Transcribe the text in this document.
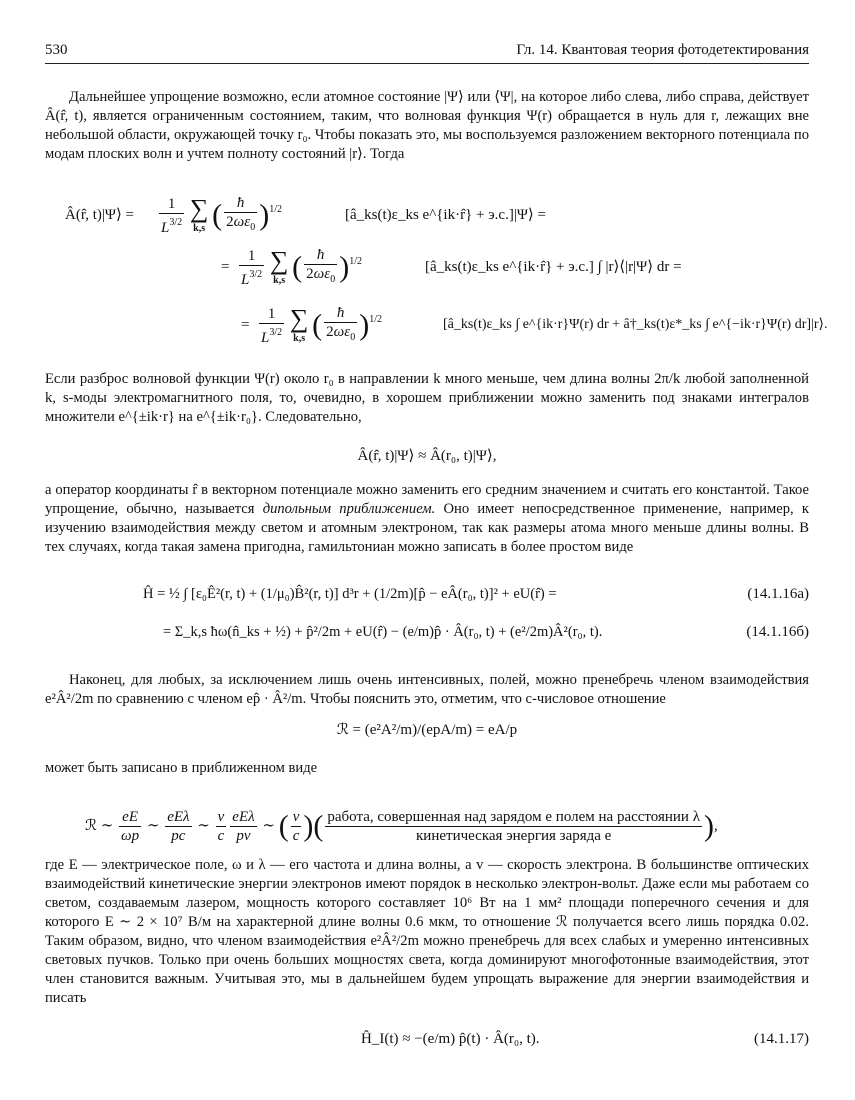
530	Гл. 14. Квантовая теория фотодетектирования

Дальнейшее упрощение возможно, если атомное состояние |Ψ⟩ или ⟨Ψ|, на которое либо слева, либо справа, действует Â(r̂, t), является ограниченным состоянием, таким, что волновая функция Ψ(r) обращается в нуль для r, лежащих вне небольшой области, окружающей точку r₀. Чтобы показать это, мы воспользуемся разложением векторного потенциала по модам плоских волн и учтем полноту состояний |r⟩. Тогда

Â(r̂, t)|Ψ⟩ = $\frac{1}{L^{3/2}}$
∑
k,s ( $\frac{ħ}{2\omega\varepsilon_0} )^{1/2}$	[â_ks(t)ε_ks e^{ik·r̂} + э.с.]|Ψ⟩ =
= $\frac{1}{L^{3/2}}$
∑
k,s ( $\frac{ħ}{2\omega\varepsilon_0} )^{1/2}$	[â_ks(t)ε_ks e^{ik·r̂} + э.с.] ∫ |r⟩⟨|r|Ψ⟩ dr =
= $\frac{1}{L^{3/2}}$
∑
k,s ( $\frac{ħ}{2\omega\varepsilon_0} )^{1/2}$	[â_ks(t)ε_ks ∫ e^{ik·r}Ψ(r) dr + â†_ks(t)ε*_ks ∫ e^{−ik·r}Ψ(r) dr]|r⟩.

Если разброс волновой функции Ψ(r) около r₀ в направлении k много меньше, чем длина волны 2π/k любой заполненной k, s-моды электромагнитного поля, то, очевидно, в хорошем приближении можно заменить под знаками интегралов множители e^{±ik·r} на e^{±ik·r₀}. Следовательно,

Â(r̂, t)|Ψ⟩ ≈ Â(r₀, t)|Ψ⟩,

а оператор координаты r̂ в векторном потенциале можно заменить его средним значением и считать его константой. Такое упрощение, обычно, называется дипольным приближением. Оно имеет непосредственное применение, например, к изучению взаимодействия между светом и атомным электроном, так как размеры атома много меньше длины волны. В тех случаях, когда такая замена пригодна, гамильтониан можно записать в более простом виде

Ĥ = ½ ∫ [ε₀Ê²(r, t) + (1/μ₀)B̂²(r, t)] d³r + (1/2m)[p̂ − eÂ(r₀, t)]² + eU(r̂) =	(14.1.16а)
= Σ_k,s ħω(n̂_ks + ½) + p̂²/2m + eU(r̂) − (e/m)p̂ · Â(r₀, t) + (e²/2m)Â²(r₀, t).	(14.1.16б)

Наконец, для любых, за исключением лишь очень интенсивных, полей, можно пренебречь членом взаимодействия e²Â²/2m по сравнению с членом ep̂ · Â²/m. Чтобы пояснить это, отметим, что c-числовое отношение

ℛ = (e²A²/m)/(epA/m) = eA/p

может быть записано в приближенном виде

ℛ ∼ $\frac{eE}{\omega p}$ ∼ $\frac{\text{eEλ}}{pc}$ ∼ $\frac{v}{c} \frac{\text{eEλ}}{pv}$ ∼ ( $\frac{v}{c}$ )( $\frac{\text{работа, совершенная над зарядом e полем на расстоянии λ}}{\text{кинетическая энергия заряда e}}$ ),

где E — электрическое поле, ω и λ — его частота и длина волны, а v — скорость электрона. В большинстве оптических взаимодействий кинетические энергии электронов имеют порядок в несколько электрон-вольт. Даже если мы работаем со светом, создаваемым лазером, мощность которого составляет 10⁶ Вт на 1 мм² площади поперечного сечения и для которого E ∼ 2 × 10⁷ В/м на характерной длине волны 0.6 мкм, то отношение ℛ получается всего лишь порядка 0.02. Таким образом, видно, что членом взаимодействия e²Â²/2m можно пренебречь для всех слабых и умеренно интенсивных световых пучков. Только при очень больших мощностях света, когда доминируют многофотонные взаимодействия, этот член становится важным. Учитывая это, мы в дальнейшем будем упрощать выражение для энергии взаимодействия и писать

Ĥ_I(t) ≈ −(e/m) p̂(t) · Â(r₀, t).	(14.1.17)
